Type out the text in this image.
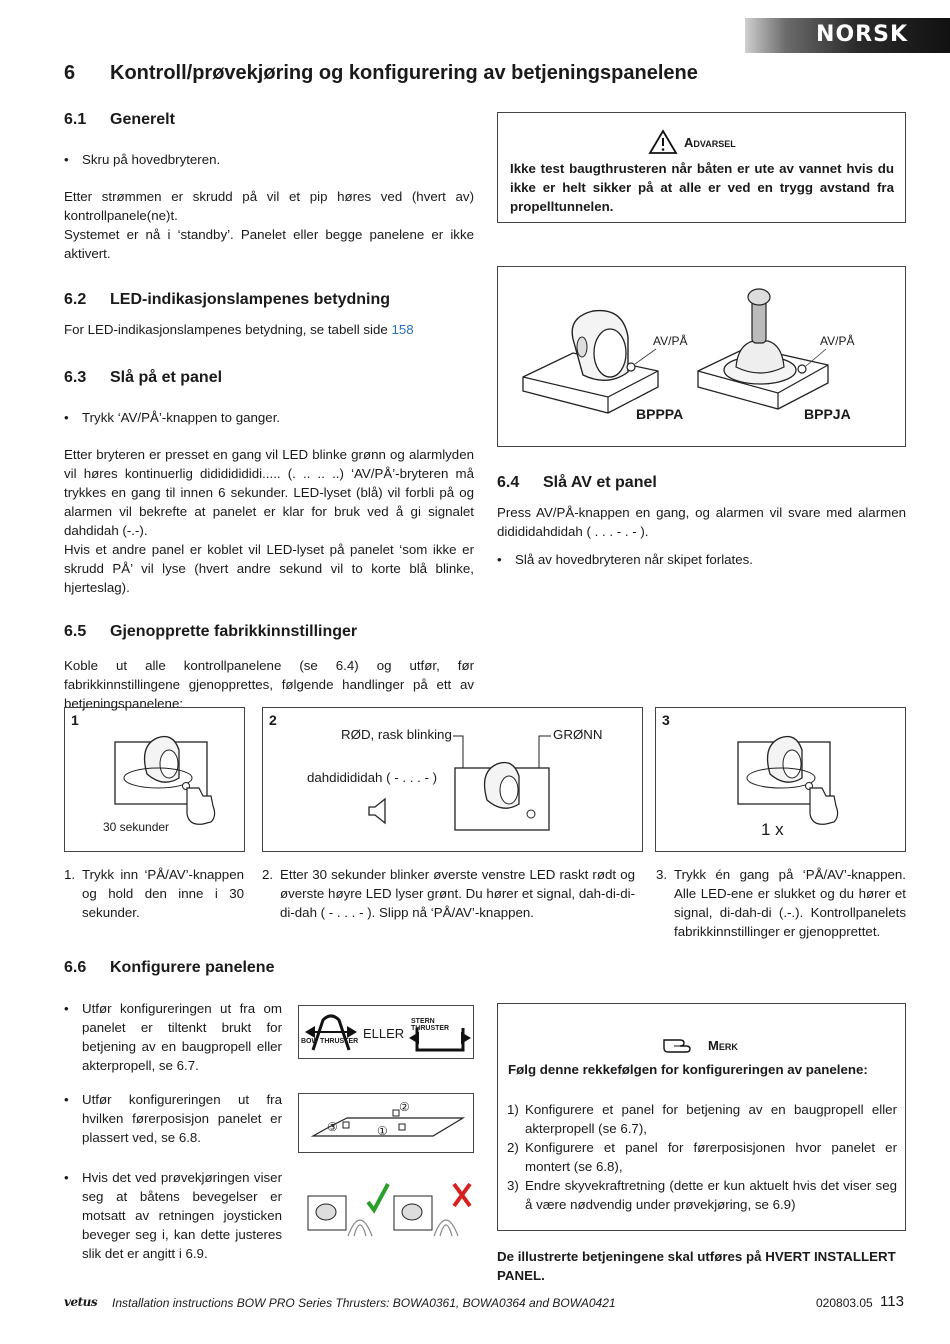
NORSK
6 Kontroll/prøvekjøring og konfigurering av betjeningspanelene
6.1 Generelt
• Skru på hovedbryteren.

Etter strømmen er skrudd på vil et pip høres ved (hvert av) kontrollpanele(ne)t.

Systemet er nå i ‘standby’. Panelet eller begge panelene er ikke aktivert.

Advarsel
Ikke test baugthrusteren når båten er ute av vannet hvis du ikke er helt sikker på at alle er ved en trygg avstand fra propelltunnelen.
AV/PÅ	AV/PÅ
BPPPA	BPPJA
6.2 LED-indikasjonslampenes betydning

For LED-indikasjonslampenes betydning, se tabell side 158

6.3 Slå på et panel
• Trykk ‘AV/PÅ’-knappen to ganger.

Etter bryteren er presset en gang vil LED blinke grønn og alarmlyden vil høres kontinuerlig didididididi..... (. .. .. ..) ‘AV/PÅ’-bryteren må trykkes en gang til innen 6 sekunder. LED-lyset (blå) vil forbli på og alarmen vil bekrefte at panelet er klar for bruk ved å gi signalet dahdidah (-.-).

Hvis et andre panel er koblet vil LED-lyset på panelet ‘som ikke er skrudd PÅ’ vil lyse (hvert andre sekund vil to korte blå blinke, hjerteslag).

6.4 Slå AV et panel

Press AV/PÅ-knappen en gang, og alarmen vil svare med alarmen didididahdidah ( . . . - . - ).

• Slå av hovedbryteren når skipet forlates.
6.5 Gjenopprette fabrikkinnstillinger

Koble ut alle kontrollpanelene (se 6.4) og utfør, før fabrikkinnstillingene gjenopprettes, følgende handlinger på ett av betjeningspanelene:

1
30 sekunder
2
RØD, rask blinking	GRØNN
dahdidididah ( - . . . - )
3
1 x
1. Trykk inn ‘PÅ/AV’-knappen og hold den inne i 30 sekunder.
2. Etter 30 sekunder blinker øverste venstre LED raskt rødt og øverste høyre LED lyser grønt. Du hører et signal, dah-di-di-di-dah ( - . . . - ). Slipp nå ‘PÅ/AV’-knappen.
3. Trykk én gang på ‘PÅ/AV’-knappen. Alle LED-ene er slukket og du hører et signal, di-dah-di (.-.). Kontrollpanelets fabrikkinnstillinger er gjenopprettet.
6.6 Konfigurere panelene
• Utfør konfigureringen ut fra om panelet er tiltenkt brukt for betjening av en baugpropell eller akterpropell, se 6.7.
• Utfør konfigureringen ut fra hvilken førerposisjon panelet er plassert ved, se 6.8.
• Hvis det ved prøvekjøringen viser seg at båtens bevegelser er motsatt av retningen joysticken beveger seg i, kan dette justeres slik det er angitt i 6.9.
BOW THRUSTER
ELLER
STERN THRUSTER
③	①
②
Merk
Følg denne rekkefølgen for konfigureringen av panelene:
1) Konfigurere et panel for betjening av en baugpropell eller akterpropell (se 6.7),
2) Konfigurere et panel for førerposisjonen hvor panelet er montert (se 6.8),
3) Endre skyvekraftretning (dette er kun aktuelt hvis det viser seg å være nødvendig under prøvekjøring, se 6.9)
De illustrerte betjeningene skal utføres på HVERT INSTALLERT PANEL.
vetus Installation instructions BOW PRO Series Thrusters: BOWA0361, BOWA0364 and BOWA0421	020803.05 113
